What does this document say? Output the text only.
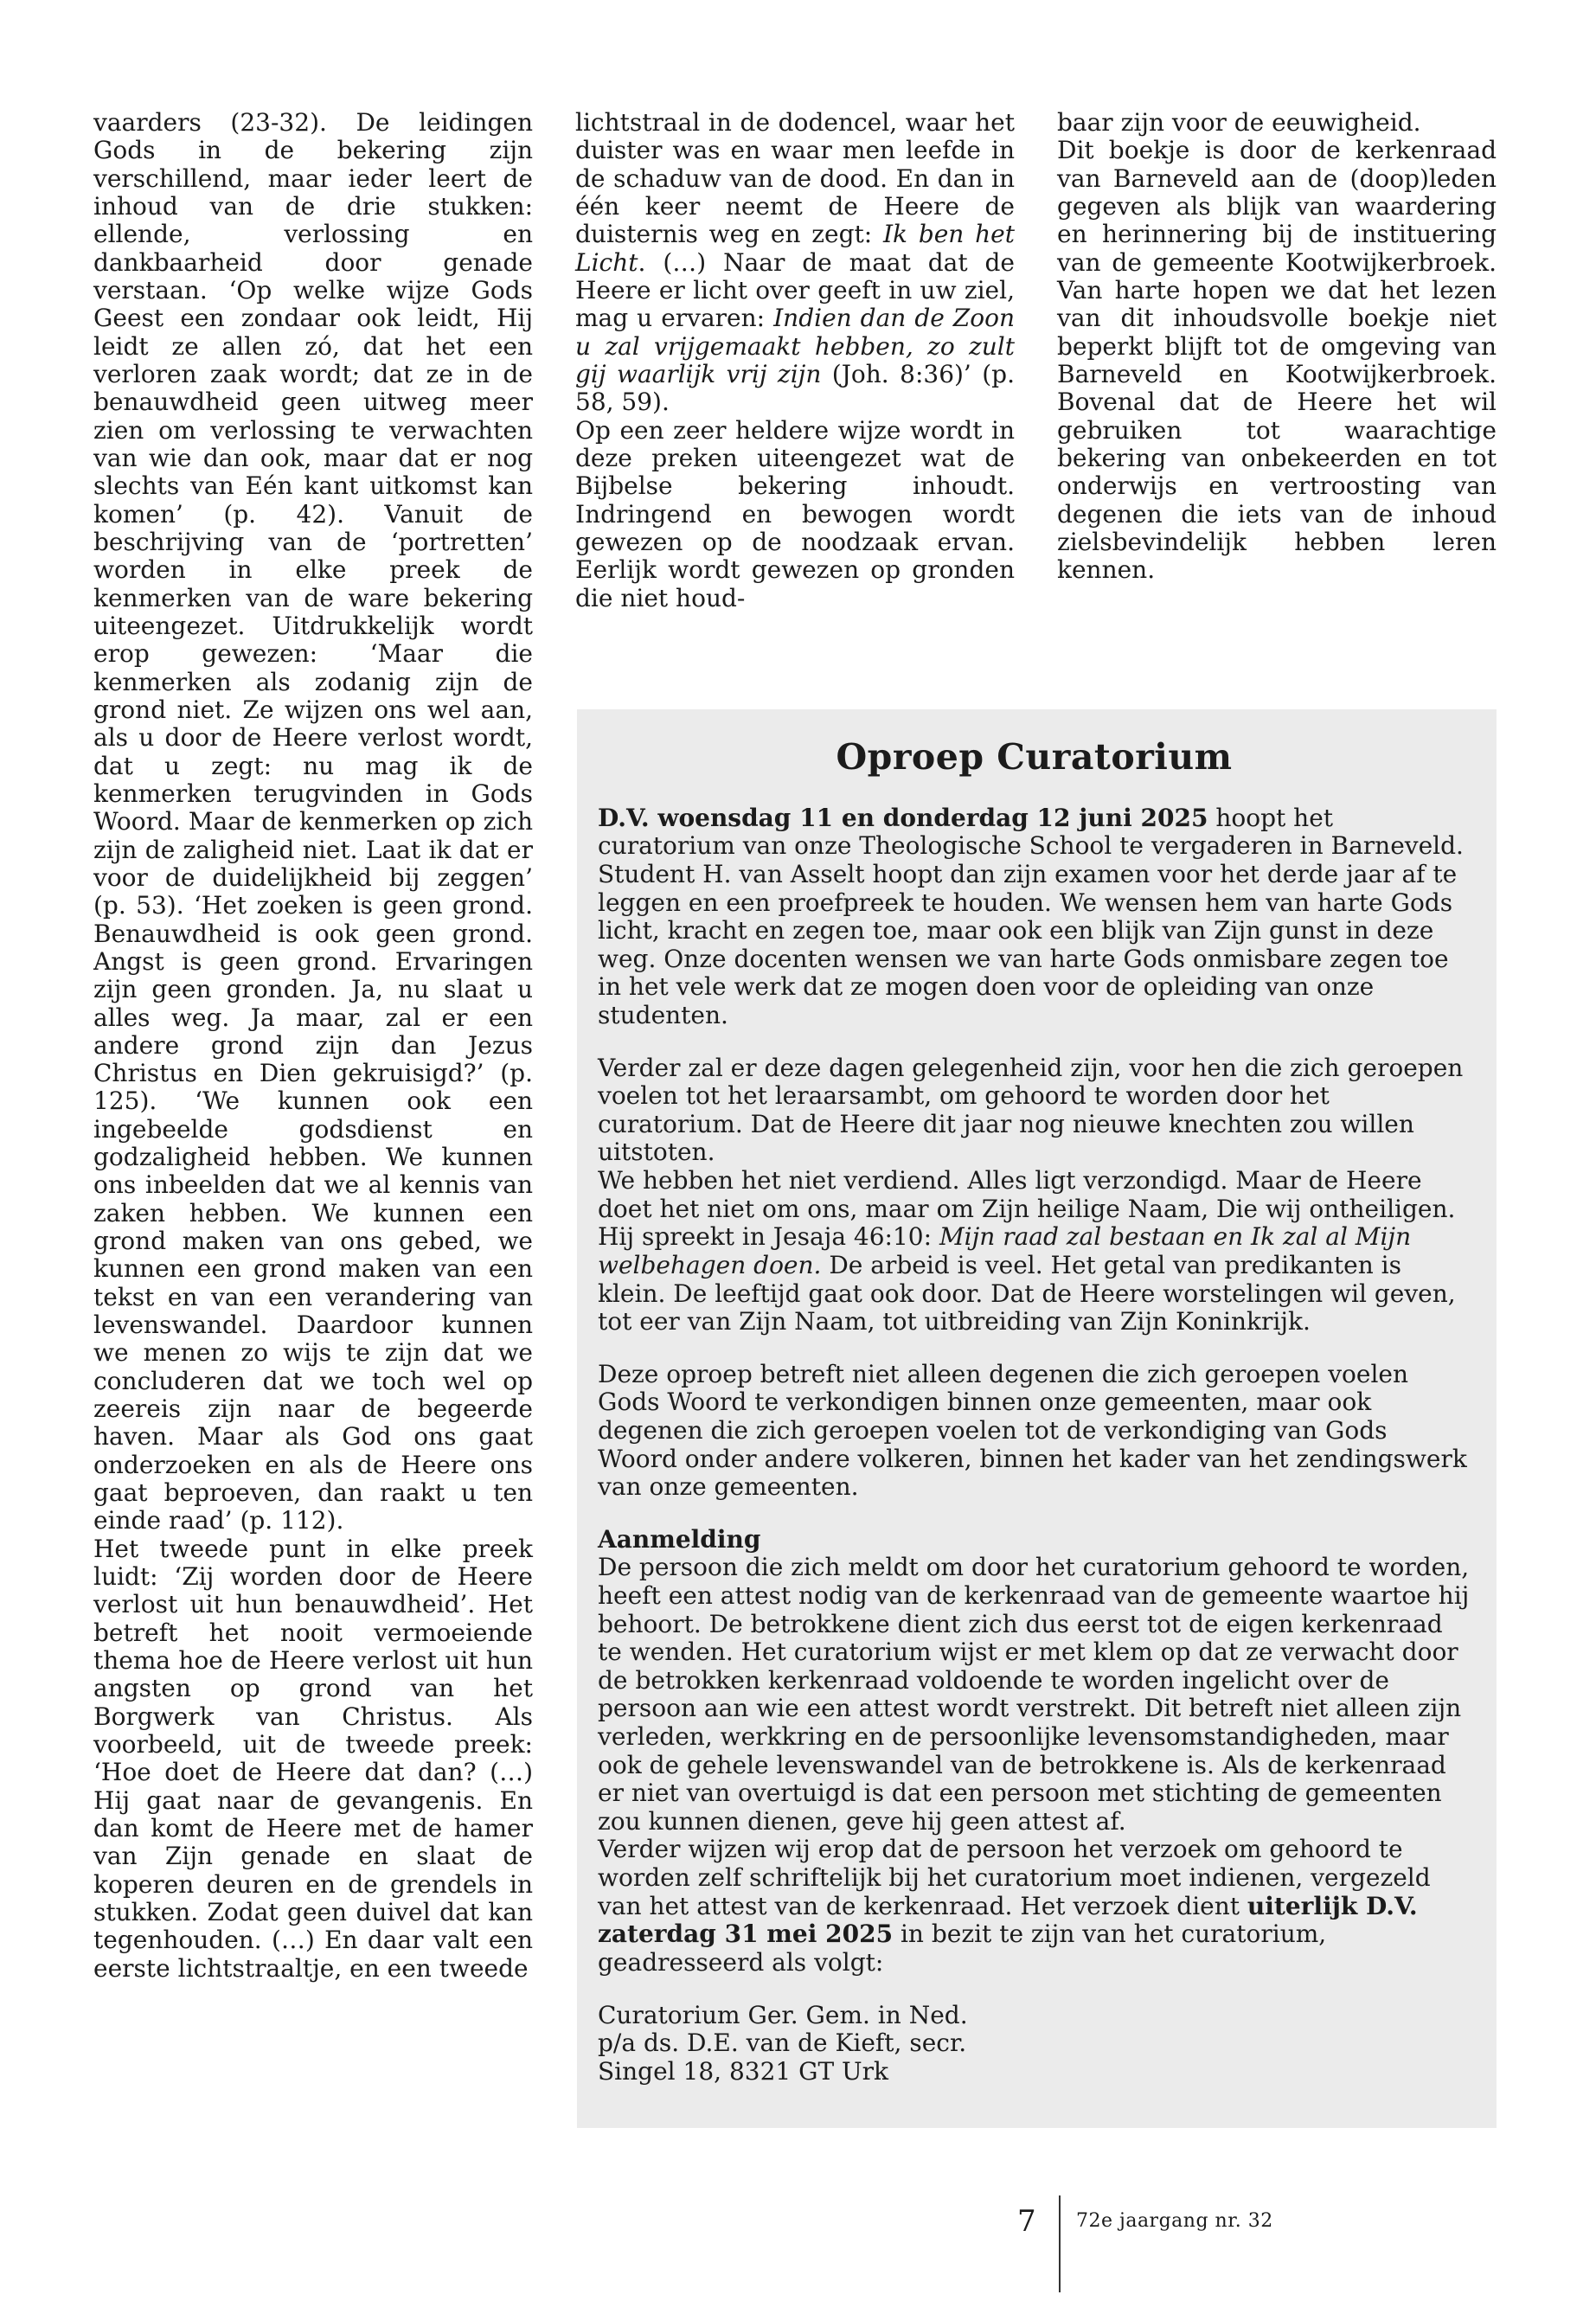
vaarders (23-32). De leidingen Gods in de bekering zijn verschillend, maar ieder leert de inhoud van de drie stukken: ellende, verlossing en dankbaarheid door genade verstaan. ‘Op welke wijze Gods Geest een zondaar ook leidt, Hij leidt ze allen zó, dat het een verloren zaak wordt; dat ze in de benauwdheid geen uitweg meer zien om verlossing te verwachten van wie dan ook, maar dat er nog slechts van Eén kant uitkomst kan komen’ (p. 42). Vanuit de beschrijving van de ‘portretten’ worden in elke preek de kenmerken van de ware bekering uiteengezet. Uitdrukkelijk wordt erop gewezen: ‘Maar die kenmerken als zodanig zijn de grond niet. Ze wijzen ons wel aan, als u door de Heere verlost wordt, dat u zegt: nu mag ik de kenmerken terugvinden in Gods Woord. Maar de kenmerken op zich zijn de zaligheid niet. Laat ik dat er voor de duidelijkheid bij zeggen’ (p. 53). ‘Het zoeken is geen grond. Benauwdheid is ook geen grond. Angst is geen grond. Ervaringen zijn geen gronden. Ja, nu slaat u alles weg. Ja maar, zal er een andere grond zijn dan Jezus Christus en Dien gekruisigd?’ (p. 125). ‘We kunnen ook een ingebeelde godsdienst en godzaligheid hebben. We kunnen ons inbeelden dat we al kennis van zaken hebben. We kunnen een grond maken van ons gebed, we kunnen een grond maken van een tekst en van een verandering van levenswandel. Daardoor kunnen we menen zo wijs te zijn dat we concluderen dat we toch wel op zeereis zijn naar de begeerde haven. Maar als God ons gaat onderzoeken en als de Heere ons gaat beproeven, dan raakt u ten einde raad’ (p. 112).

Het tweede punt in elke preek luidt: ‘Zij worden door de Heere verlost uit hun benauwdheid’. Het betreft het nooit vermoeiende thema hoe de Heere verlost uit hun angsten op grond van het Borgwerk van Christus. Als voorbeeld, uit de tweede preek: ‘Hoe doet de Heere dat dan? (…) Hij gaat naar de gevangenis. En dan komt de Heere met de hamer van Zijn genade en slaat de koperen deuren en de grendels in stukken. Zodat geen duivel dat kan tegenhouden. (…) En daar valt een eerste lichtstraaltje, en een tweede

lichtstraal in de dodencel, waar het duister was en waar men leefde in de schaduw van de dood. En dan in één keer neemt de Heere de duisternis weg en zegt: Ik ben het Licht. (…) Naar de maat dat de Heere er licht over geeft in uw ziel, mag u ervaren: Indien dan de Zoon u zal vrijgemaakt hebben, zo zult gij waarlijk vrij zijn (Joh. 8:36)’ (p. 58, 59).

Op een zeer heldere wijze wordt in deze preken uiteengezet wat de Bijbelse bekering inhoudt. Indringend en bewogen wordt gewezen op de noodzaak ervan. Eerlijk wordt gewezen op gronden die niet houd-

baar zijn voor de eeuwigheid.

Dit boekje is door de kerkenraad van Barneveld aan de (doop)leden gegeven als blijk van waardering en herinnering bij de instituering van de gemeente Kootwijkerbroek. Van harte hopen we dat het lezen van dit inhoudsvolle boekje niet beperkt blijft tot de omgeving van Barneveld en Kootwijkerbroek. Bovenal dat de Heere het wil gebruiken tot waarachtige bekering van onbekeerden en tot onderwijs en vertroosting van degenen die iets van de inhoud zielsbevindelijk hebben leren kennen.

Oproep Curatorium

D.V. woensdag 11 en donderdag 12 juni 2025 hoopt het curatorium van onze Theologische School te vergaderen in Barneveld.

Student H. van Asselt hoopt dan zijn examen voor het derde jaar af te leggen en een proefpreek te houden. We wensen hem van harte Gods licht, kracht en zegen toe, maar ook een blijk van Zijn gunst in deze weg. Onze docenten wensen we van harte Gods onmisbare zegen toe in het vele werk dat ze mogen doen voor de opleiding van onze studenten.

Verder zal er deze dagen gelegenheid zijn, voor hen die zich geroepen voelen tot het leraarsambt, om gehoord te worden door het curatorium. Dat de Heere dit jaar nog nieuwe knechten zou willen uitstoten.

We hebben het niet verdiend. Alles ligt verzondigd. Maar de Heere doet het niet om ons, maar om Zijn heilige Naam, Die wij ontheiligen. Hij spreekt in Jesaja 46:10: Mijn raad zal bestaan en Ik zal al Mijn welbehagen doen. De arbeid is veel. Het getal van predikanten is klein. De leeftijd gaat ook door. Dat de Heere worstelingen wil geven, tot eer van Zijn Naam, tot uitbreiding van Zijn Koninkrijk.

Deze oproep betreft niet alleen degenen die zich geroepen voelen Gods Woord te verkondigen binnen onze gemeenten, maar ook degenen die zich geroepen voelen tot de verkondiging van Gods Woord onder andere volkeren, binnen het kader van het zendingswerk van onze gemeenten.

Aanmelding

De persoon die zich meldt om door het curatorium gehoord te worden, heeft een attest nodig van de kerkenraad van de gemeente waartoe hij behoort. De betrokkene dient zich dus eerst tot de eigen kerkenraad te wenden. Het curatorium wijst er met klem op dat ze verwacht door de betrokken kerkenraad voldoende te worden ingelicht over de persoon aan wie een attest wordt verstrekt. Dit betreft niet alleen zijn verleden, werkkring en de persoonlijke levensomstandigheden, maar ook de gehele levenswandel van de betrokkene is. Als de kerkenraad er niet van overtuigd is dat een persoon met stichting de gemeenten zou kunnen dienen, geve hij geen attest af.

Verder wijzen wij erop dat de persoon het verzoek om gehoord te worden zelf schriftelijk bij het curatorium moet indienen, vergezeld van het attest van de kerkenraad. Het verzoek dient uiterlijk D.V. zaterdag 31 mei 2025 in bezit te zijn van het curatorium, geadresseerd als volgt:

Curatorium Ger. Gem. in Ned.

p/a ds. D.E. van de Kieft, secr.

Singel 18, 8321 GT Urk

7 72e jaargang nr. 32
